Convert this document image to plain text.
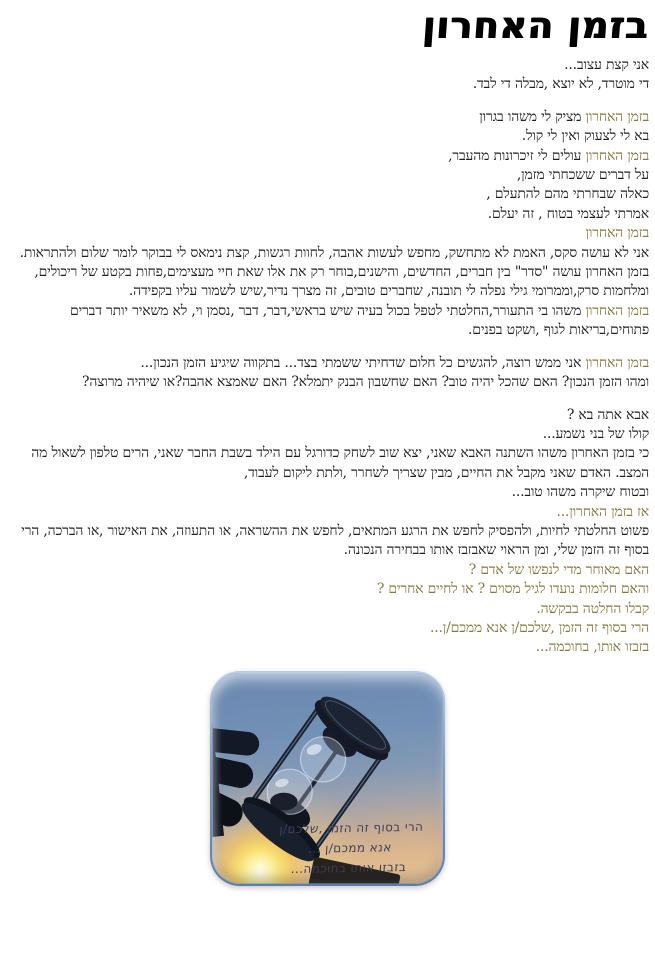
בזמן האחרון
אני קצת עצוב...
די מוטרד, לא יוצא ,מבלה די לבד.
בזמן האחרון מציק לי משהו בגרון
בא לי לצעוק ואין לי קול.
בזמן האחרון עולים לי זיכרונות מהעבר,
על דברים ששכחתי מזמן,
כאלה שבחרתי מהם להתעלם ,
אמרתי לעצמי בטוח , זה יעלם.
בזמן האחרון
אני לא עושה סקס, האמת לא מתחשק, מחפש לעשות אהבה, לחוות רגשות, קצת נימאס לי בבוקר לומר שלום ולהתראות.
בזמן האחרון עושה "סדר" בין חברים, החדשים, והישנים,בוחר רק את אלו שאת חיי מעצימים,פחות בקטע של ריכולים, ומלחמות סרק,וממרומי גילי נפלה לי תובנה, שחברים טובים, זה מצרך נדיר,שיש לשמור עליו בקפידה.
בזמן האחרון משהו בי התעורר,החלטתי לטפל בכול בעיה שיש בראשי,דבר, דבר ,נסמן וי, לא משאיר יותר דברים פתוחים,בריאות לגוף ,ושקט בפנים.
בזמן האחרון אני ממש רוצה, להגשים כל חלום שדחיתי ששמתי בצד... בתקווה שיגיע הזמן הנכון...
ומהו הזמן הנכון? האם שהכל יהיה טוב? האם שחשבון הבנק יתמלא? האם שאמצא אהבה?או שיהיה מרוצה?
אבא אתה בא ?
קולו של בני נשמע...
כי בזמן האחרון משהו השתנה האבא שאני, יצא שוב לשחק כדורגל עם הילד בשבת החבר שאני, הרים טלפון לשאול מה המצב. האדם שאני מקבל את החיים, מבין שצריך לשחרר ,ולתת ליקום לעבוד,
ובטוח שיקרה משהו טוב...
אז בזמן האחרון...
פשוט החלטתי לחיות, ולהפסיק לחפש את הרגע המתאים, לחפש את ההשראה, או התעוזה, את האישור ,או הברכה, הרי בסוף זה הזמן שלי, ומן הראוי שאבזבז אותו בבחירה הנכונה.
האם מאוחר מדי לנפשו של אדם ?
והאם חלומות נועדו לגיל מסוים ? או לחיים אחרים ?
קבלו החלטה בבקשה.
הרי בסוף זה הזמן ,שלכם/ן אנא ממכם/ן...
בזבזו אותו, בחוכמה...
הרי בסוף זה הזמן ,שלכם/ן
אנא ממכם/ן ...
בזבזו אותו בחוכמה...
